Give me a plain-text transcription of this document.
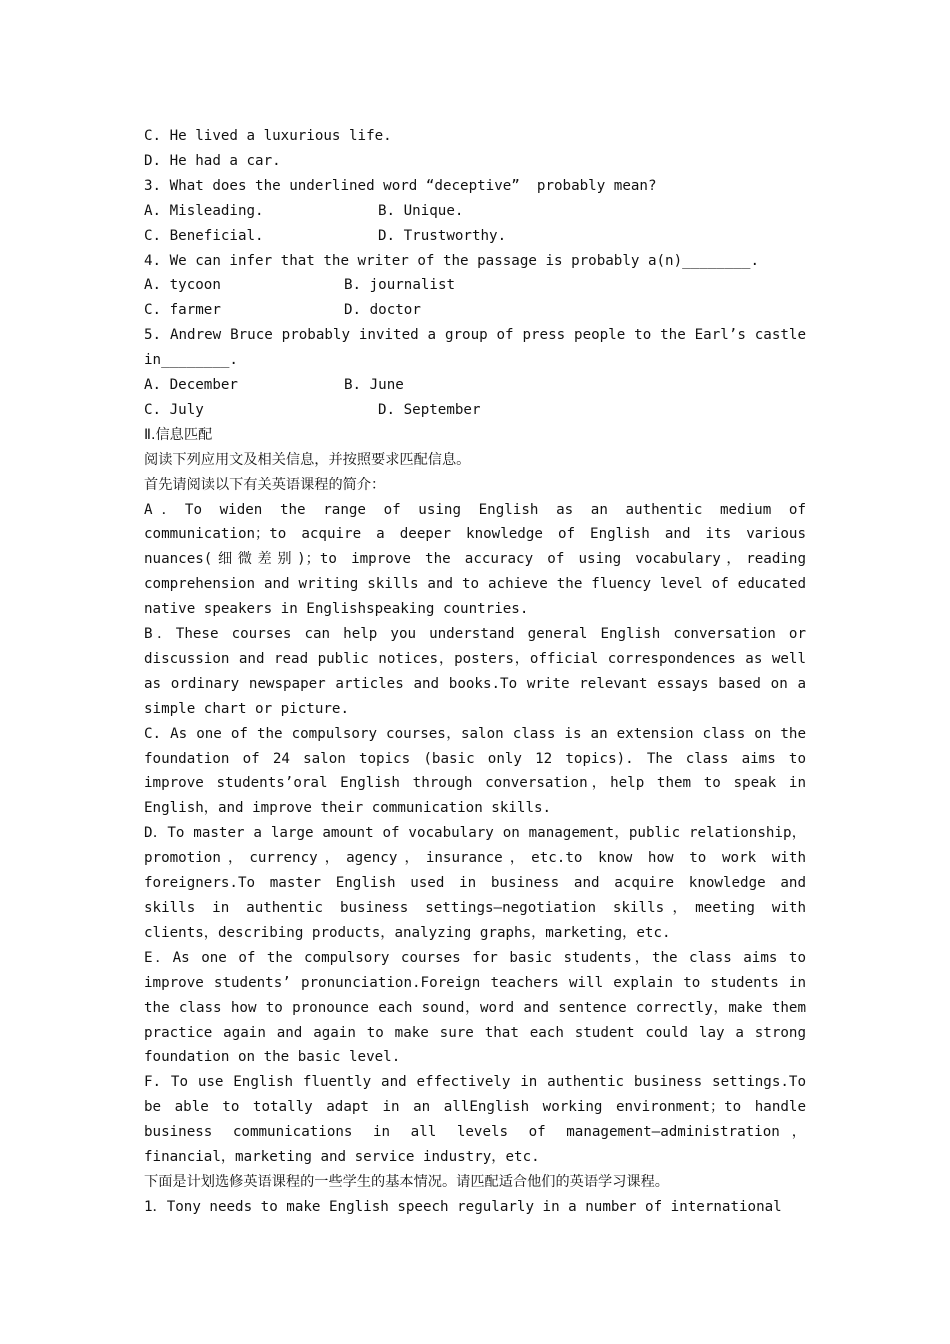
C. He lived a luxurious life.
D. He had a car.
3. What does the underlined word “deceptive”  probably mean?
A. Misleading.	B. Unique.
C. Beneficial.	D. Trustworthy.
4. We can infer that the writer of the passage is probably a(n)________.
A. tycoon	B. journalist
C. farmer	D. doctor
5. Andrew Bruce probably invited a group of press people to the Earl’s castle in________.
A. December	B. June
C. July	D. September
Ⅱ.信息匹配
阅读下列应用文及相关信息，并按照要求匹配信息。
首先请阅读以下有关英语课程的简介：
A．To widen the range of using English as an authentic medium of communication；to acquire a deeper knowledge of English and its various nuances(细微差别)；to improve the accuracy of using vocabulary，reading comprehension and writing skills and to achieve the fluency level of educated native speakers in Englishspeaking countries.
B．These courses can help you understand general English conversation or discussion and read public notices，posters，official correspondences as well as ordinary newspaper articles and books.To write relevant essays based on a simple chart or picture.
C. As one of the compulsory courses，salon class is an extension class on the foundation of 24 salon topics (basic only 12 topics). The class aims to improve students’oral English through conversation，help them to speak in English，and improve their communication skills.
D．To master a large amount of vocabulary on management，public relationship，promotion，currency，agency，insurance，etc.to know how to work with foreigners.To master English used in business and acquire knowledge and skills in authentic business settings—negotiation skills，meeting with clients，describing products，analyzing graphs，marketing，etc.
E．As one of the compulsory courses for basic students，the class aims to improve students’ pronunciation.Foreign teachers will explain to students in the class how to pronounce each sound，word and sentence correctly，make them practice again and again to make sure that each student could lay a strong foundation on the basic level.
F. To use English fluently and effectively in authentic business settings.To be able to totally adapt in an allEnglish working environment；to handle business communications in all levels of management—administration，financial，marketing and service industry，etc.
下面是计划选修英语课程的一些学生的基本情况。请匹配适合他们的英语学习课程。
1．Tony needs to make English speech regularly in a number of international
